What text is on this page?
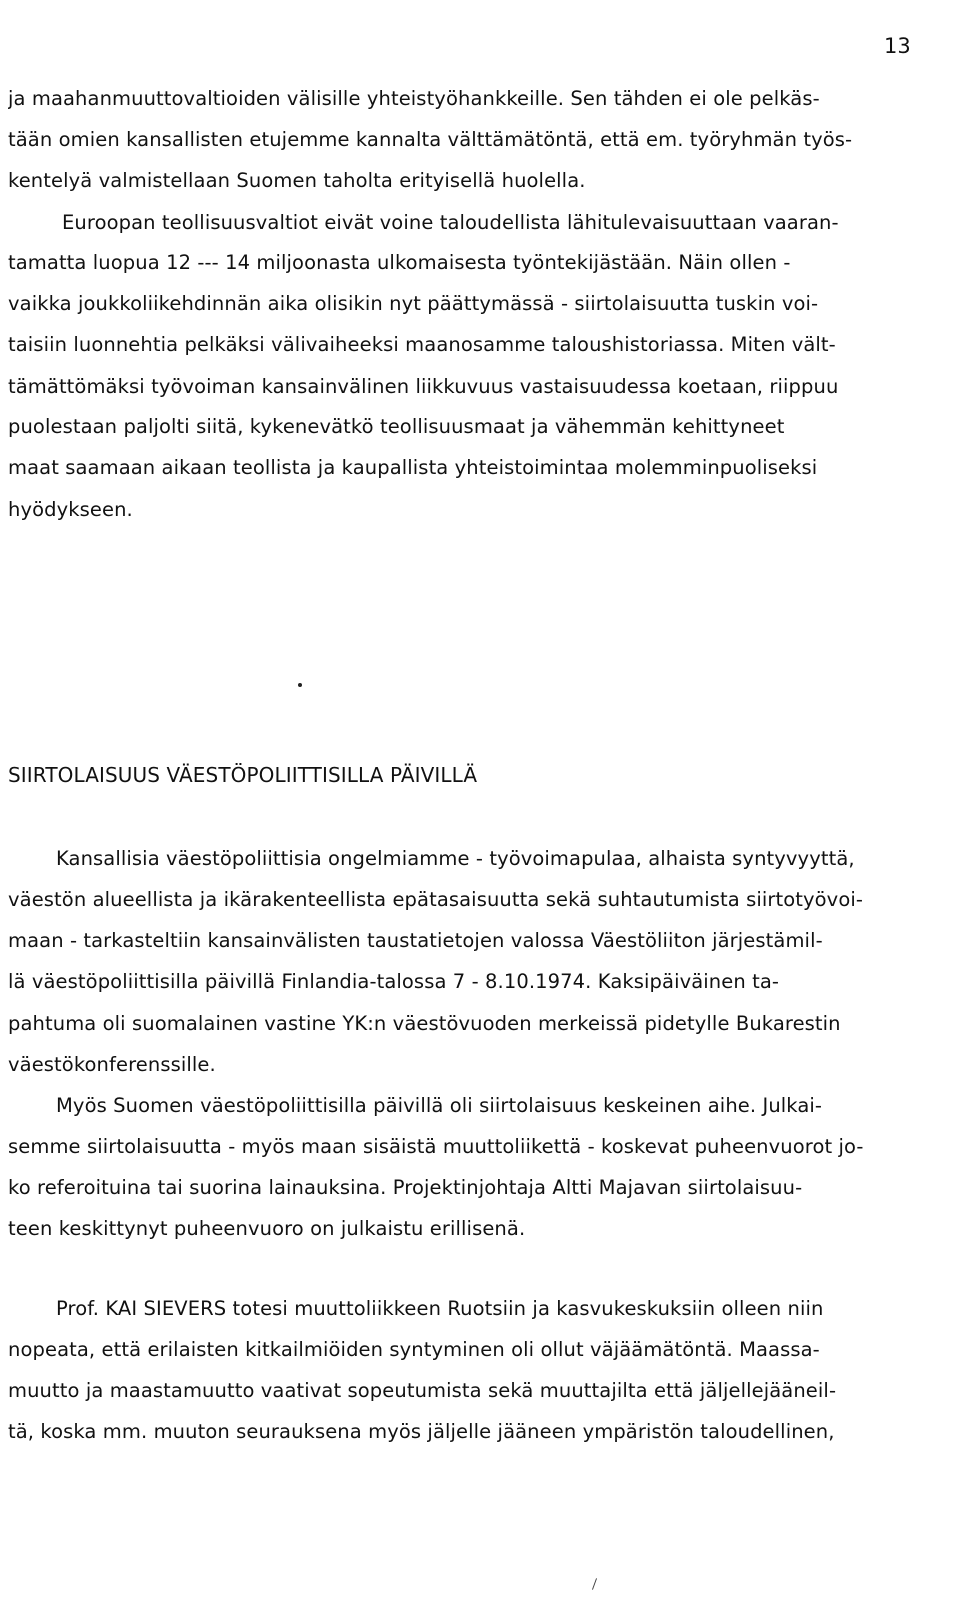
13
ja maahanmuuttovaltioiden välisille yhteistyöhankkeille. Sen tähden ei ole pelkäs-
tään omien kansallisten etujemme kannalta välttämätöntä, että em. työryhmän työs-
kentelyä valmistellaan Suomen taholta erityisellä huolella.
Euroopan teollisuusvaltiot eivät voine taloudellista lähitulevaisuuttaan vaaran-
tamatta luopua 12 --- 14 miljoonasta ulkomaisesta työntekijästään. Näin ollen -
vaikka joukkoliikehdinnän aika olisikin nyt päättymässä - siirtolaisuutta tuskin voi-
taisiin luonnehtia pelkäksi välivaiheeksi maanosamme taloushistoriassa. Miten vält-
tämättömäksi työvoiman kansainvälinen liikkuvuus vastaisuudessa koetaan, riippuu
puolestaan paljolti siitä, kykenevätkö teollisuusmaat ja vähemmän kehittyneet
maat saamaan aikaan teollista ja kaupallista yhteistoimintaa molemminpuoliseksi
hyödykseen.
SIIRTOLAISUUS VÄESTÖPOLIITTISILLA PÄIVILLÄ
Kansallisia väestöpoliittisia ongelmiamme - työvoimapulaa, alhaista syntyvyyttä,
väestön alueellista ja ikärakenteellista epätasaisuutta sekä suhtautumista siirtotyövoi-
maan - tarkasteltiin kansainvälisten taustatietojen valossa Väestöliiton järjestämil-
lä väestöpoliittisilla päivillä Finlandia-talossa 7 - 8.10.1974. Kaksipäiväinen ta-
pahtuma oli suomalainen vastine YK:n väestövuoden merkeissä pidetylle Bukarestin
väestökonferenssille.
Myös Suomen väestöpoliittisilla päivillä oli siirtolaisuus keskeinen aihe. Julkai-
semme siirtolaisuutta - myös maan sisäistä muuttoliikettä - koskevat puheenvuorot jo-
ko referoituina tai suorina lainauksina. Projektinjohtaja Altti Majavan siirtolaisuu-
teen keskittynyt puheenvuoro on julkaistu erillisenä.
Prof. KAI SIEVERS totesi muuttoliikkeen Ruotsiin ja kasvukeskuksiin olleen niin
nopeata, että erilaisten kitkailmiöiden syntyminen oli ollut väjäämätöntä. Maassa-
muutto ja maastamuutto vaativat sopeutumista sekä muuttajilta että jäljellejääneil-
tä, koska mm. muuton seurauksena myös jäljelle jääneen ympäristön taloudellinen,
